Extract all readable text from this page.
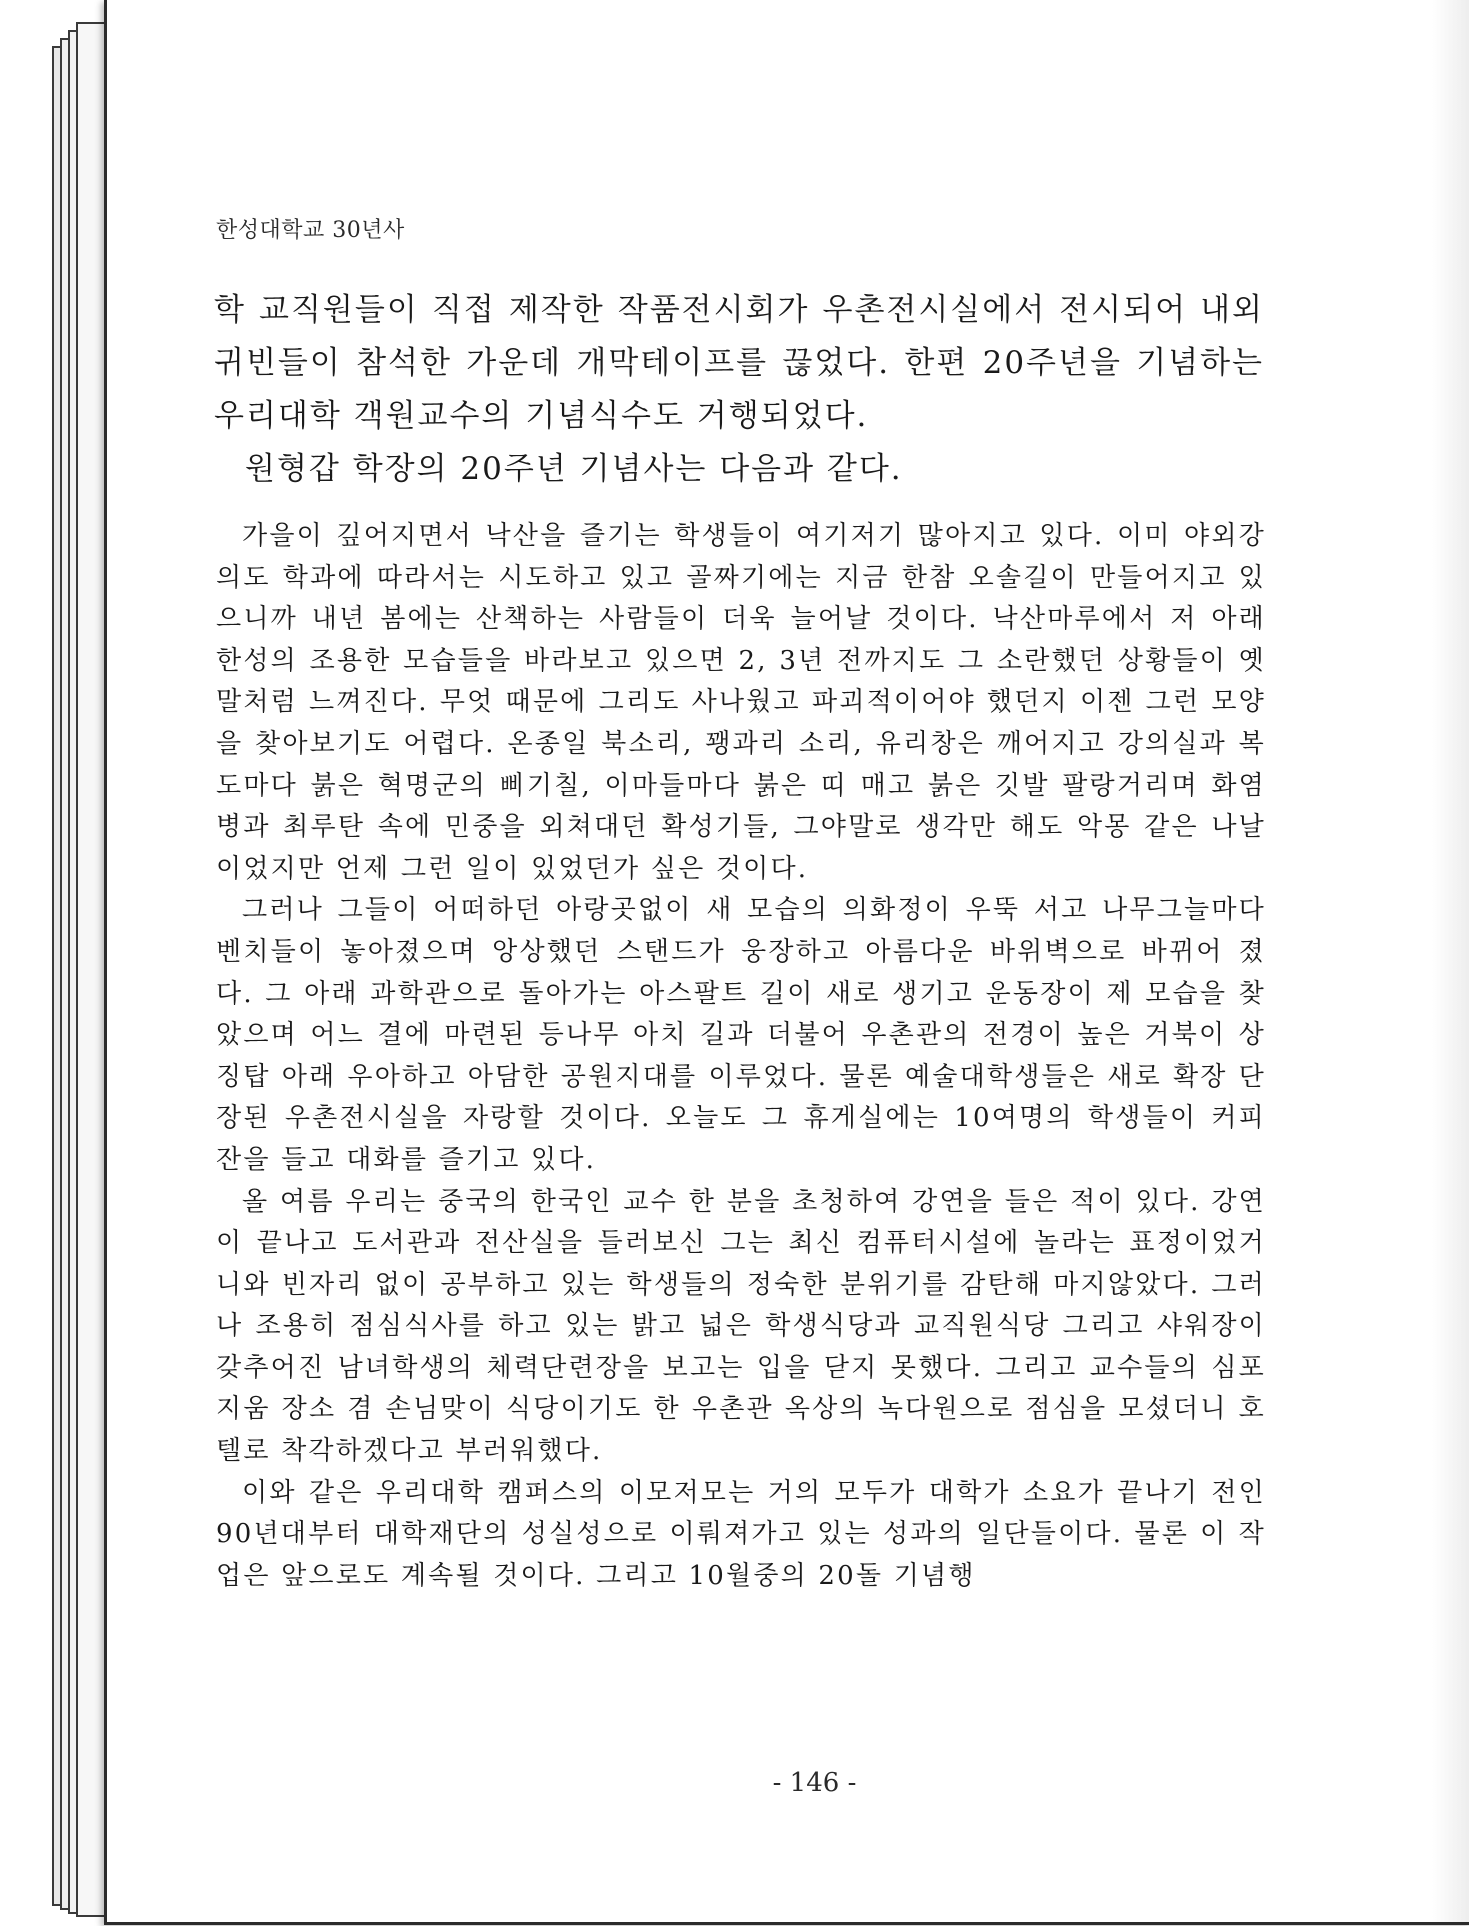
한성대학교 30년사

학 교직원들이 직접 제작한 작품전시회가 우촌전시실에서 전시되어 내외 귀빈들이 참석한 가운데 개막테이프를 끊었다. 한편 20주년을 기념하는 우리대학 객원교수의 기념식수도 거행되었다.

원형갑 학장의 20주년 기념사는 다음과 같다.

가을이 깊어지면서 낙산을 즐기는 학생들이 여기저기 많아지고 있다. 이미 야외강의도 학과에 따라서는 시도하고 있고 골짜기에는 지금 한참 오솔길이 만들어지고 있으니까 내년 봄에는 산책하는 사람들이 더욱 늘어날 것이다. 낙산마루에서 저 아래 한성의 조용한 모습들을 바라보고 있으면 2, 3년 전까지도 그 소란했던 상황들이 옛말처럼 느껴진다. 무엇 때문에 그리도 사나웠고 파괴적이어야 했던지 이젠 그런 모양을 찾아보기도 어렵다. 온종일 북소리, 꽹과리 소리, 유리창은 깨어지고 강의실과 복도마다 붉은 혁명군의 삐기칠, 이마들마다 붉은 띠 매고 붉은 깃발 팔랑거리며 화염병과 최루탄 속에 민중을 외쳐대던 확성기들, 그야말로 생각만 해도 악몽 같은 나날이었지만 언제 그런 일이 있었던가 싶은 것이다.

그러나 그들이 어떠하던 아랑곳없이 새 모습의 의화정이 우뚝 서고 나무그늘마다 벤치들이 놓아졌으며 앙상했던 스탠드가 웅장하고 아름다운 바위벽으로 바뀌어 졌다. 그 아래 과학관으로 돌아가는 아스팔트 길이 새로 생기고 운동장이 제 모습을 찾았으며 어느 결에 마련된 등나무 아치 길과 더불어 우촌관의 전경이 높은 거북이 상징탑 아래 우아하고 아담한 공원지대를 이루었다. 물론 예술대학생들은 새로 확장 단장된 우촌전시실을 자랑할 것이다. 오늘도 그 휴게실에는 10여명의 학생들이 커피 잔을 들고 대화를 즐기고 있다.

올 여름 우리는 중국의 한국인 교수 한 분을 초청하여 강연을 들은 적이 있다. 강연이 끝나고 도서관과 전산실을 들러보신 그는 최신 컴퓨터시설에 놀라는 표정이었거니와 빈자리 없이 공부하고 있는 학생들의 정숙한 분위기를 감탄해 마지않았다. 그러나 조용히 점심식사를 하고 있는 밝고 넓은 학생식당과 교직원식당 그리고 샤워장이 갖추어진 남녀학생의 체력단련장을 보고는 입을 닫지 못했다. 그리고 교수들의 심포지움 장소 겸 손님맞이 식당이기도 한 우촌관 옥상의 녹다원으로 점심을 모셨더니 호텔로 착각하겠다고 부러워했다.

이와 같은 우리대학 캠퍼스의 이모저모는 거의 모두가 대학가 소요가 끝나기 전인 90년대부터 대학재단의 성실성으로 이뤄져가고 있는 성과의 일단들이다. 물론 이 작업은 앞으로도 계속될 것이다. 그리고 10월중의 20돌 기념행

- 146 -
